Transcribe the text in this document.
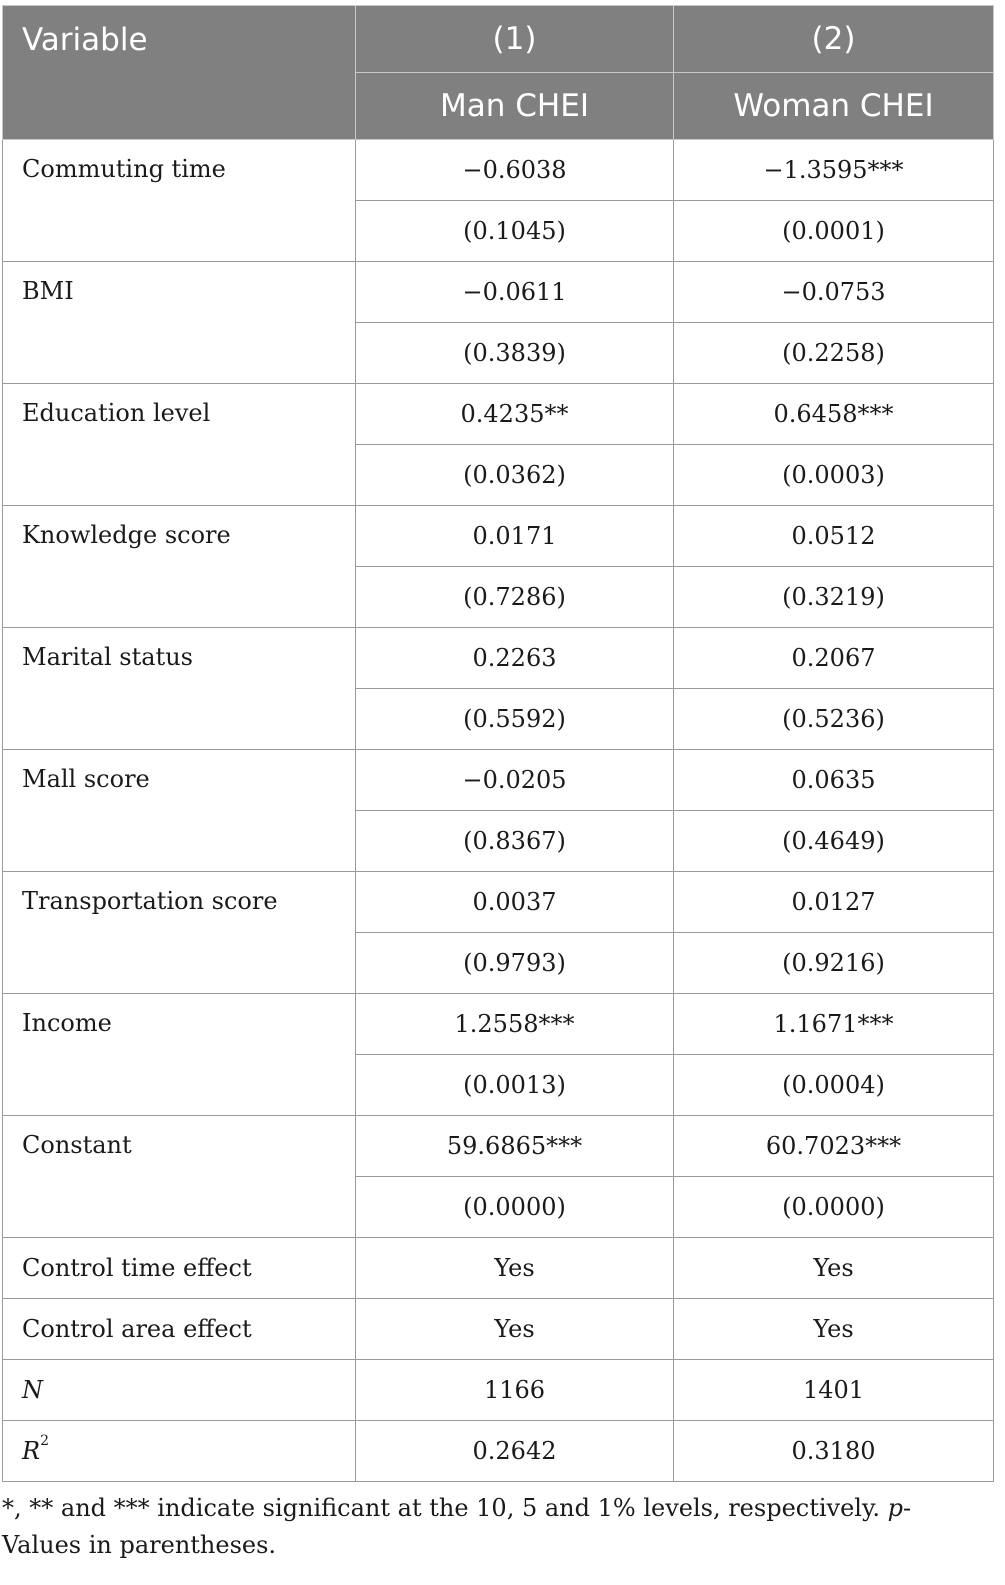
Variable	(1)	(2)
	Man CHEI	Woman CHEI
Commuting time	−0.6038	−1.3595***
	(0.1045)	(0.0001)
BMI	−0.0611	−0.0753
	(0.3839)	(0.2258)
Education level	0.4235**	0.6458***
	(0.0362)	(0.0003)
Knowledge score	0.0171	0.0512
	(0.7286)	(0.3219)
Marital status	0.2263	0.2067
	(0.5592)	(0.5236)
Mall score	−0.0205	0.0635
	(0.8367)	(0.4649)
Transportation score	0.0037	0.0127
	(0.9793)	(0.9216)
Income	1.2558***	1.1671***
	(0.0013)	(0.0004)
Constant	59.6865***	60.7023***
	(0.0000)	(0.0000)
Control time effect	Yes	Yes
Control area effect	Yes	Yes
N	1166	1401
$R^2$	0.2642	0.3180
*, ** and *** indicate significant at the 10, 5 and 1% levels, respectively. p-Values in parentheses.
